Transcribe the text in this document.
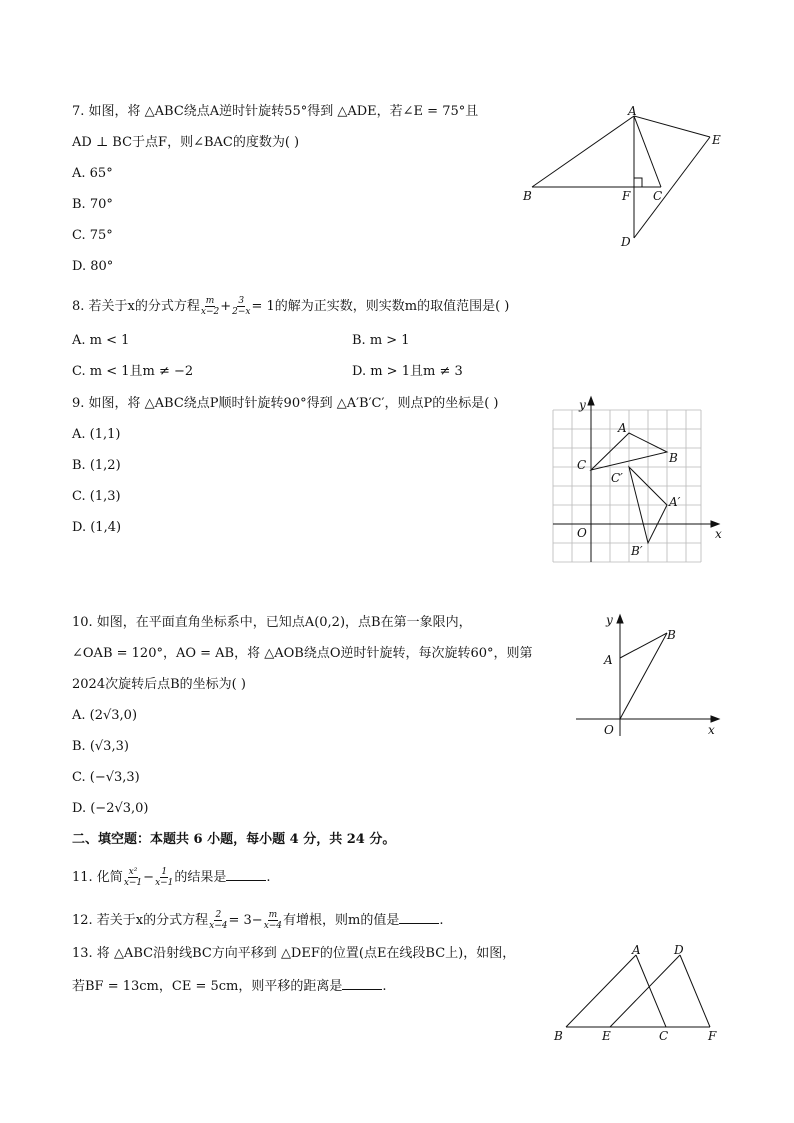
7. 如图，将 △ABC绕点A逆时针旋转55°得到 △ADE，若∠E = 75°且
AD ⊥ BC于点F，则∠BAC的度数为( )
A. 65°
B. 70°
C. 75°
D. 80°
A
B	C
F
D
E
8. 若关于x的分式方程 $\frac{m}{x-2} + \frac{3}{2-x} = 1$的解为正实数，则实数m的取值范围是( )
A. m < 1	B. m > 1
C. m < 1且m ≠ −2	D. m > 1且m ≠ 3
9. 如图，将 △ABC绕点P顺时针旋转90°得到 △A′B′C′，则点P的坐标是( )
A. (1,1)
B. (1,2)
C. (1,3)
D. (1,4)
y
x
O
A
B
C
A′
B′
C′
10. 如图，在平面直角坐标系中，已知点A(0,2)，点B在第一象限内，
∠OAB = 120°，AO = AB，将 △AOB绕点O逆时针旋转，每次旋转60°，则第
2024次旋转后点B的坐标为( )
A. (2√3,0)
B. (√3,3)
C. (−√3,3)
D. (−2√3,0)
y
x
O
A
B
二、填空题：本题共 6 小题，每小题 4 分，共 24 分。
11. 化简 $\frac{\text{x²}}{x-1} - \frac{1}{x-1}$ 的结果是	.
12. 若关于x的分式方程 $\frac{2}{x-4} = 3- \frac{m}{x-4}$ 有增根，则m的值是	.
13. 将 △ABC沿射线BC方向平移到 △DEF的位置(点E在线段BC上)，如图，
若BF = 13cm，CE = 5cm，则平移的距离是	.
A	D
B	E	C	F
